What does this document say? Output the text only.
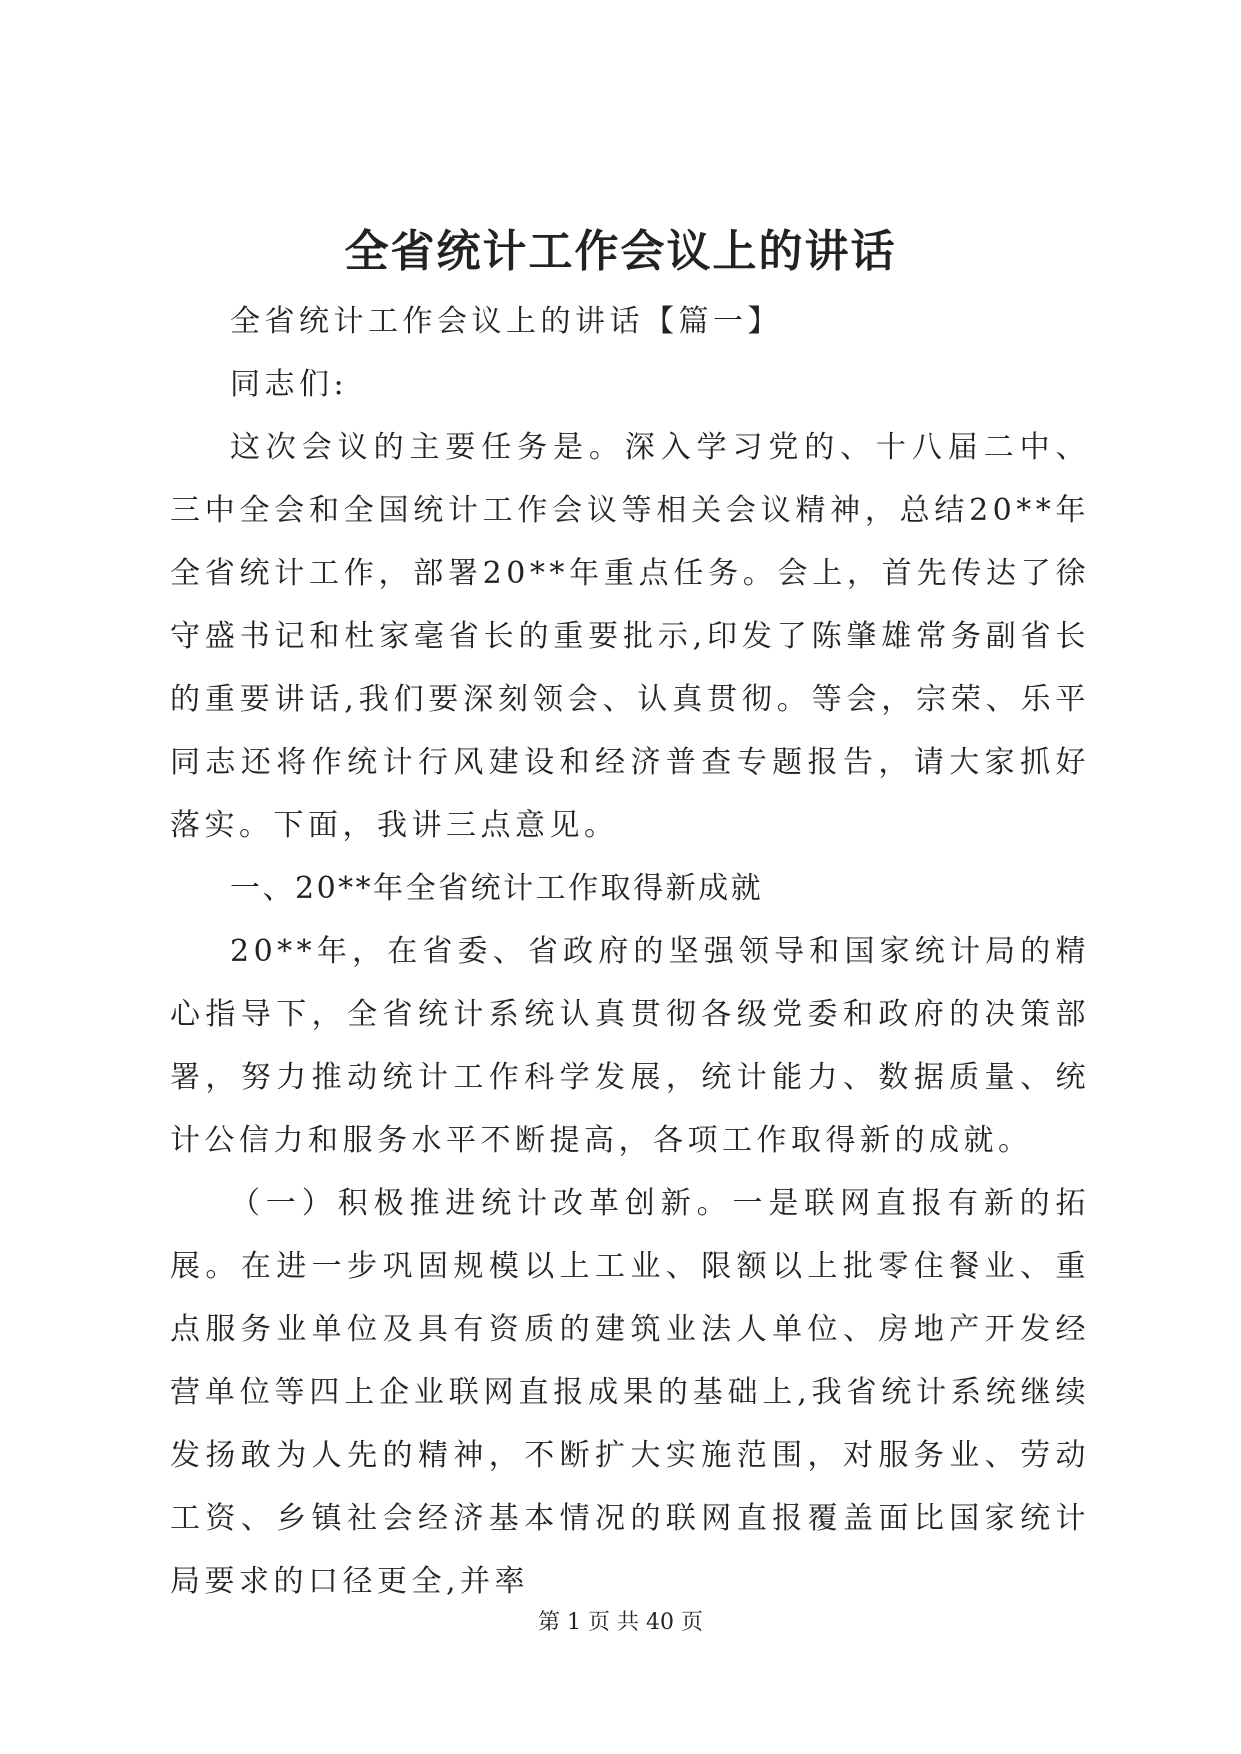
全省统计工作会议上的讲话

全省统计工作会议上的讲话【篇一】

同志们:

这次会议的主要任务是。深入学习党的、十八届二中、三中全会和全国统计工作会议等相关会议精神，总结20**年全省统计工作，部署20**年重点任务。会上，首先传达了徐守盛书记和杜家毫省长的重要批示,印发了陈肇雄常务副省长的重要讲话,我们要深刻领会、认真贯彻。等会，宗荣、乐平同志还将作统计行风建设和经济普查专题报告，请大家抓好落实。下面，我讲三点意见。

一、20**年全省统计工作取得新成就

20**年，在省委、省政府的坚强领导和国家统计局的精心指导下，全省统计系统认真贯彻各级党委和政府的决策部署，努力推动统计工作科学发展，统计能力、数据质量、统计公信力和服务水平不断提高，各项工作取得新的成就。

（一）积极推进统计改革创新。一是联网直报有新的拓展。在进一步巩固规模以上工业、限额以上批零住餐业、重点服务业单位及具有资质的建筑业法人单位、房地产开发经营单位等四上企业联网直报成果的基础上,我省统计系统继续发扬敢为人先的精神，不断扩大实施范围，对服务业、劳动工资、乡镇社会经济基本情况的联网直报覆盖面比国家统计局要求的口径更全,并率

第 1 页 共 40 页
